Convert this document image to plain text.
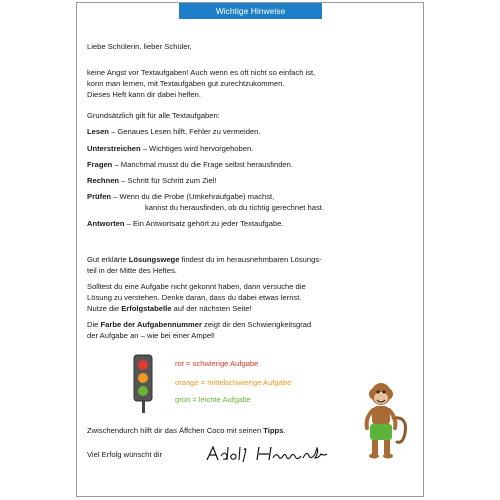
Wichtige Hinweise
Liebe Schülerin, lieber Schüler,
keine Angst vor Textaufgaben! Auch wenn es oft nicht so einfach ist,
konn man lernen, mit Textaufgaben gut zurechtzukommen.
Dieses Heft kann dir dabei helfen.
Grundsätzlich gilt für alle Textaufgaben:
Lesen – Genaues Lesen hilft, Fehler zu vermeiden.
Unterstreichen – Wichtiges wird hervorgehoben.
Fragen – Manchmal musst du die Frage selbst herausfinden.
Rechnen – Schritt für Schritt zum Ziel!
Prüfen – Wenn du die Probe (Umkehraufgabe) machst,
kannst du herausfinden, ob du richtig gerechnet hast.
Antworten – Ein Antwortsatz gehört zu jeder Textaufgabe.
Gut erklärte Lösungswege findest du im herausnehmbaren Lösungs-
teil in der Mitte des Heftes.
Solltest du eine Aufgabe nicht gekonnt haben, dann versuche die
Lösung zu verstehen. Denke daran, dass du dabei etwas lernst.
Nutze die Erfolgstabelle auf der nächsten Seite!
Die Farbe der Aufgabennummer zeigt dir den Schwierigkeitsgrad
der Aufgabe an – wie bei einer Ampel!
rot = schwierige Aufgabe
orange = mittelschwierige Aufgabe
grün = leichte Aufgabe
Zwischendurch hilft dir das Äffchen Coco mit seinen Tipps.
Viel Erfolg wünscht dir
